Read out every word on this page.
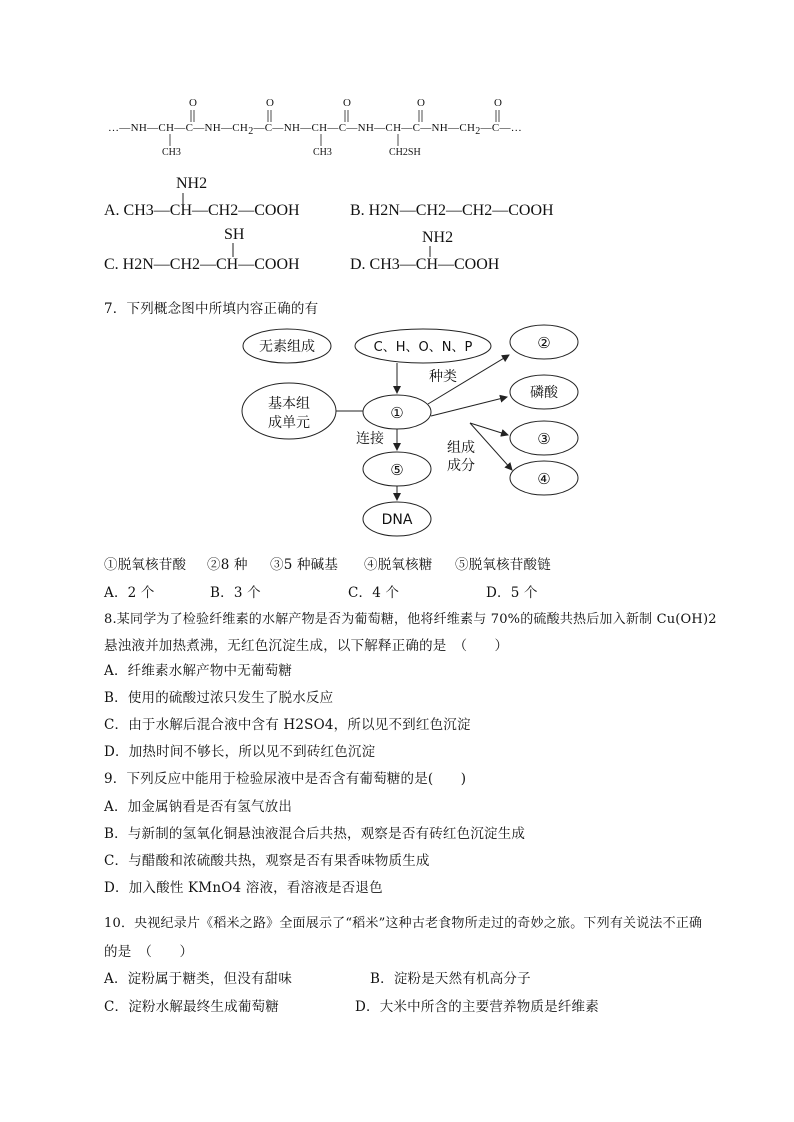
O	O	O	O	O
…—NH—CH—C—NH—CH2—C—NH—CH—C—NH—CH—C—NH—CH2—C—…
CH3	CH3	CH2SH
NH2
A. CH3—CH—CH2—COOH	B. H2N—CH2—CH2—COOH
SH
C. H2N—CH2—CH—COOH
NH2
D. CH3—CH—COOH
7．下列概念图中所填内容正确的有
无素组成	C、H、O、N、P	②
基本组
成单元
①
磷酸
③
④
⑤
DNA
种类
连接
组成
成分
①脱氧核苷酸 ②8 种 ③5 种碱基 ④脱氧核糖 ⑤脱氧核苷酸链
A．2 个	B．3 个	C．4 个	D．5 个
8.某同学为了检验纤维素的水解产物是否为葡萄糖，他将纤维素与 70%的硫酸共热后加入新制 Cu(OH)2
悬浊液并加热煮沸，无红色沉淀生成，以下解释正确的是　（　　）
A．纤维素水解产物中无葡萄糖
B．使用的硫酸过浓只发生了脱水反应
C．由于水解后混合液中含有 H2SO4，所以见不到红色沉淀
D．加热时间不够长，所以见不到砖红色沉淀
9．下列反应中能用于检验尿液中是否含有葡萄糖的是(　　)
A．加金属钠看是否有氢气放出
B．与新制的氢氧化铜悬浊液混合后共热，观察是否有砖红色沉淀生成
C．与醋酸和浓硫酸共热，观察是否有果香味物质生成
D．加入酸性 KMnO4 溶液，看溶液是否退色
10．央视纪录片《稻米之路》全面展示了“稻米”这种古老食物所走过的奇妙之旅。下列有关说法不正确
的是　（　　）
A．淀粉属于糖类，但没有甜味	B．淀粉是天然有机高分子
C．淀粉水解最终生成葡萄糖	D．大米中所含的主要营养物质是纤维素
